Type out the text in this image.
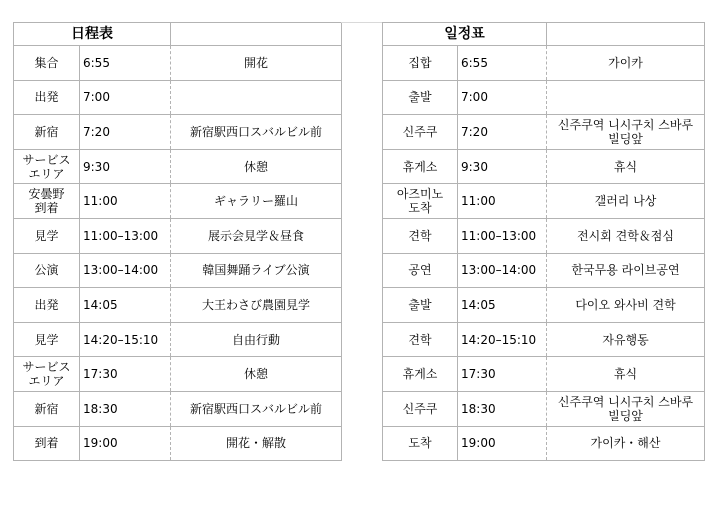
日程表		
集合	6:55	開花
出発	7:00	
新宿	7:20	新宿駅西口スバルビル前
サービス
エリア	9:30	休憩
安曇野
到着	11:00	ギャラリー羅山
見学	11:00–13:00	展示会見学＆昼食
公演	13:00–14:00	韓国舞踊ライブ公演
出発	14:05	大王わさび農園見学
見学	14:20–15:10	自由行動
サービス
エリア	17:30	休憩
新宿	18:30	新宿駅西口スバルビル前
到着	19:00	開花・解散
일정표		
집합	6:55	가이카
출발	7:00	
신주쿠	7:20	신주쿠역 니시구치 스바루
빌딩앞
휴게소	9:30	휴식
아즈미노
도착	11:00	갤러리 나상
견학	11:00–13:00	전시회 견학＆점심
공연	13:00–14:00	한국무용 라이브공연
출발	14:05	다이오 와사비 견학
견학	14:20–15:10	자유행동
휴게소	17:30	휴식
신주쿠	18:30	신주쿠역 니시구치 스바루
빌딩앞
도착	19:00	가이카・해산
